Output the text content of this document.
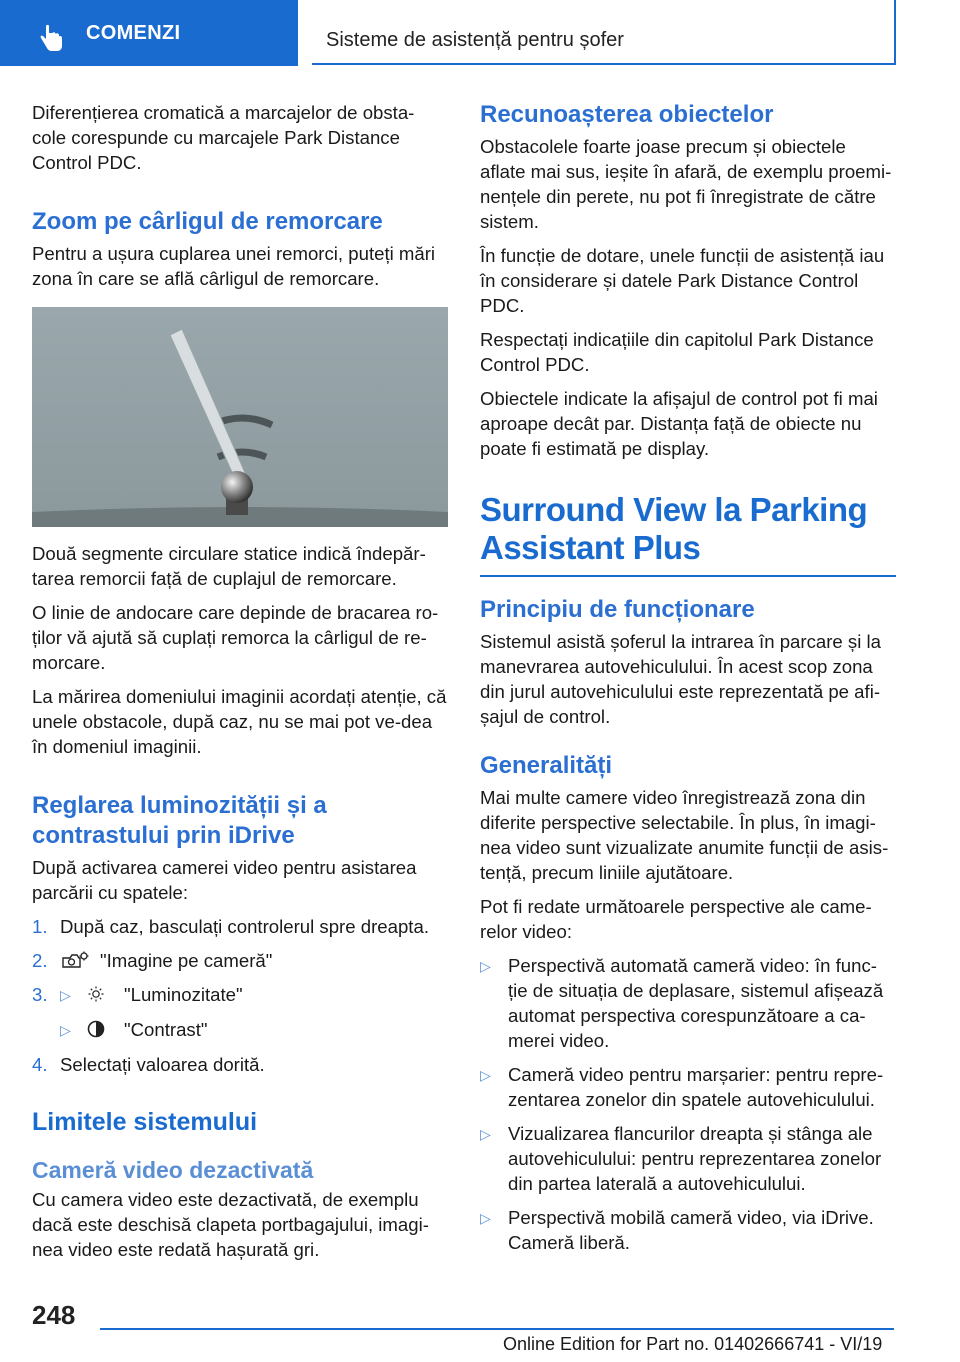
COMENZI	Sisteme de asistență pentru șofer

Diferențierea cromatică a marcajelor de obsta-cole corespunde cu marcajele Park Distance Control PDC.

Zoom pe cârligul de remorcare

Pentru a ușura cuplarea unei remorci, puteți mări zona în care se află cârligul de remorcare.

Două segmente circulare statice indică îndepăr-tarea remorcii față de cuplajul de remorcare.

O linie de andocare care depinde de bracarea ro-ților vă ajută să cuplați remorca la cârligul de re-morcare.

La mărirea domeniului imaginii acordați atenție, că unele obstacole, după caz, nu se mai pot ve-dea în domeniul imaginii.

Reglarea luminozității și a contrastului prin iDrive

După activarea camerei video pentru asistarea parcării cu spatele:

1. După caz, basculați controlerul spre dreapta.
2.	"Imagine pe cameră"
3. ▷	"Luminozitate"
▷	"Contrast"
4. Selectați valoarea dorită.
Limitele sistemului
Cameră video dezactivată

Cu camera video este dezactivată, de exemplu dacă este deschisă clapeta portbagajului, imagi-nea video este redată hașurată gri.

Recunoașterea obiectelor

Obstacolele foarte joase precum și obiectele aflate mai sus, ieșite în afară, de exemplu proemi-nențele din perete, nu pot fi înregistrate de către sistem.

În funcție de dotare, unele funcții de asistență iau în considerare și datele Park Distance Control PDC.

Respectați indicațiile din capitolul Park Distance Control PDC.

Obiectele indicate la afișajul de control pot fi mai aproape decât par. Distanța față de obiecte nu poate fi estimată pe display.

Surround View la Parking Assistant Plus
Principiu de funcționare

Sistemul asistă șoferul la intrarea în parcare și la manevrarea autovehiculului. În acest scop zona din jurul autovehiculului este reprezentată pe afi-șajul de control.

Generalități

Mai multe camere video înregistrează zona din diferite perspective selectabile. În plus, în imagi-nea video sunt vizualizate anumite funcții de asis-tență, precum liniile ajutătoare.

Pot fi redate următoarele perspective ale came-relor video:

▷ Perspectivă automată cameră video: în func-ție de situația de deplasare, sistemul afișează automat perspectiva corespunzătoare a ca-merei video.
▷ Cameră video pentru marșarier: pentru repre-zentarea zonelor din spatele autovehiculului.
▷ Vizualizarea flancurilor dreapta și stânga ale autovehiculului: pentru reprezentarea zonelor din partea laterală a autovehiculului.
▷ Perspectivă mobilă cameră video, via iDrive. Cameră liberă.
248
Online Edition for Part no. 01402666741 - VI/19
